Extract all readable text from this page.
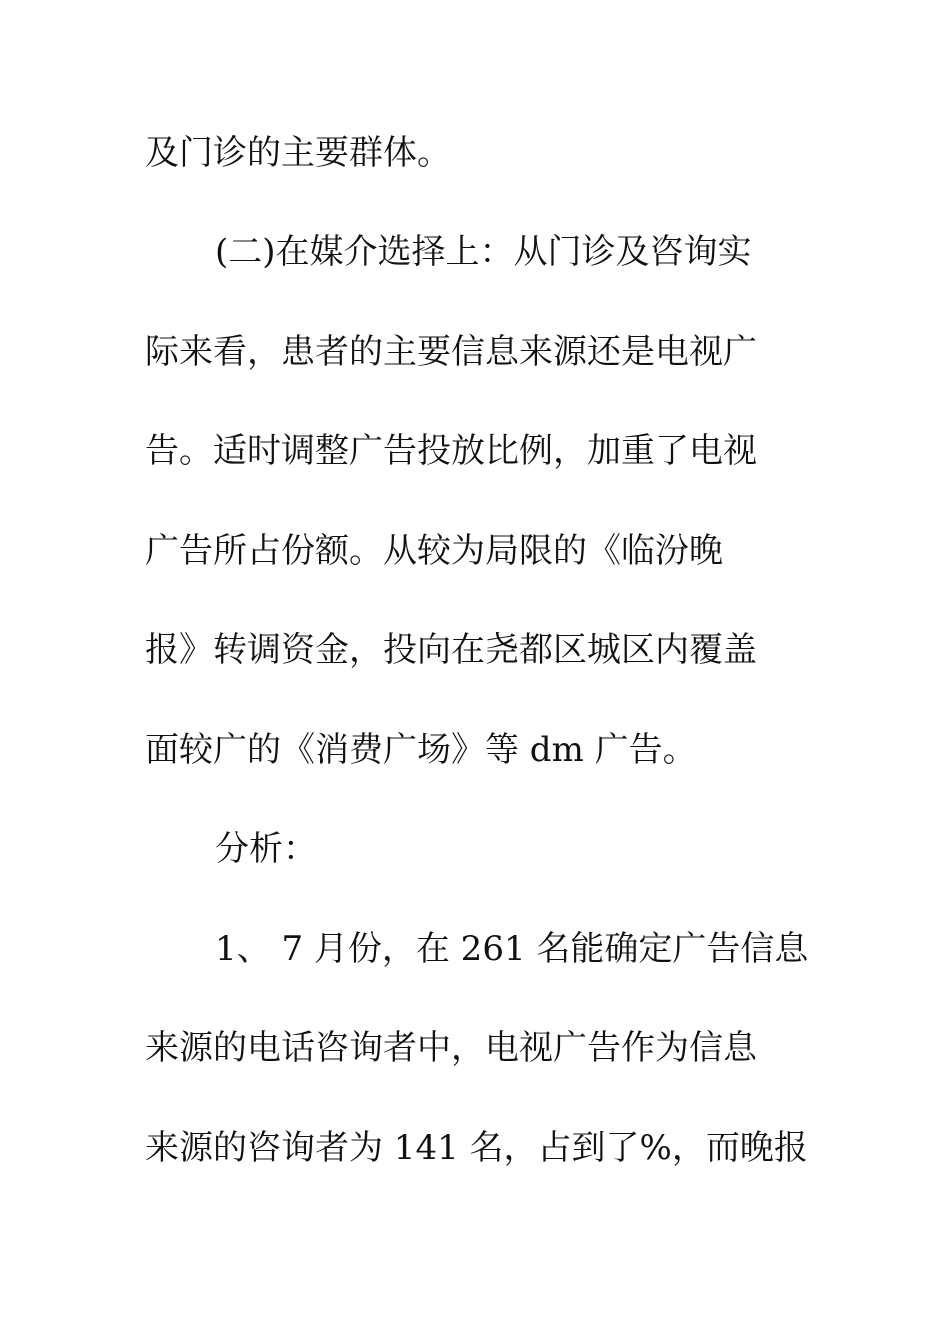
及门诊的主要群体。
(二)在媒介选择上：从门诊及咨询实
际来看，患者的主要信息来源还是电视广
告。适时调整广告投放比例，加重了电视
广告所占份额。从较为局限的《临汾晚
报》转调资金，投向在尧都区城区内覆盖
面较广的《消费广场》等 dm 广告。
分析：
1、 7 月份，在 261 名能确定广告信息
来源的电话咨询者中，电视广告作为信息
来源的咨询者为 141 名，占到了%，而晚报
